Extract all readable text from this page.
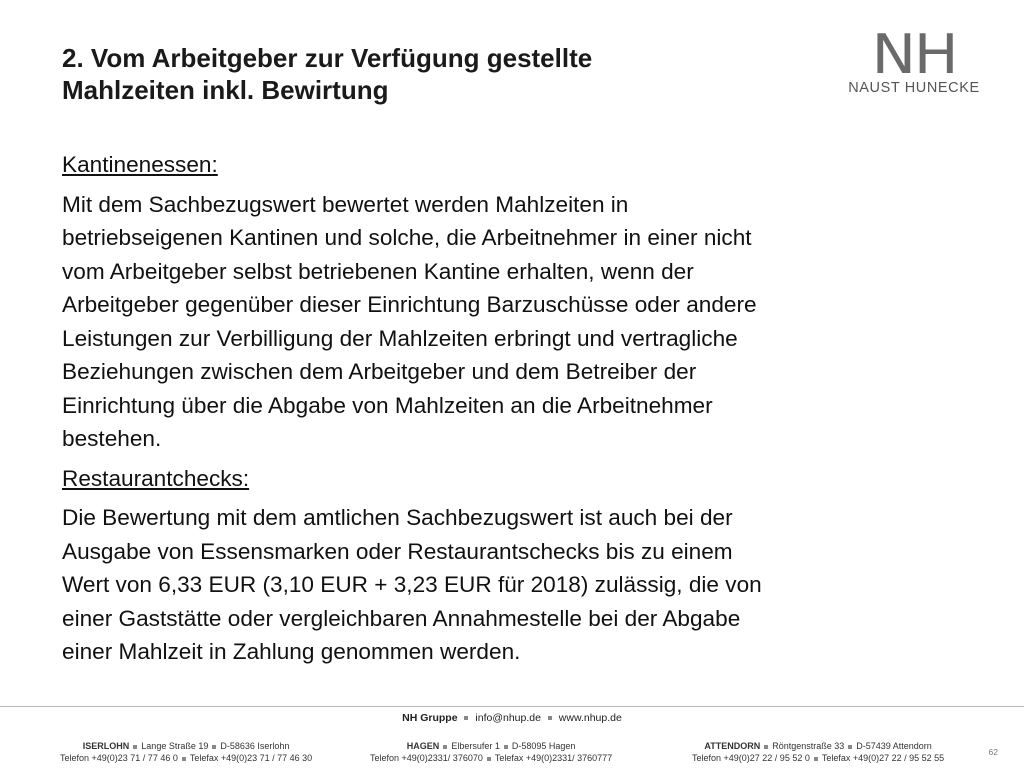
2. Vom Arbeitgeber zur Verfügung gestellte
Mahlzeiten inkl. Bewirtung
NH
NAUST HUNECKE
Kantinenessen:
Mit dem Sachbezugswert bewertet werden Mahlzeiten in
betriebseigenen Kantinen und solche, die Arbeitnehmer in einer nicht
vom Arbeitgeber selbst betriebenen Kantine erhalten, wenn der
Arbeitgeber gegenüber dieser Einrichtung Barzuschüsse oder andere
Leistungen zur Verbilligung der Mahlzeiten erbringt und vertragliche
Beziehungen zwischen dem Arbeitgeber und dem Betreiber der
Einrichtung über die Abgabe von Mahlzeiten an die Arbeitnehmer
bestehen.
Restaurantchecks:
Die Bewertung mit dem amtlichen Sachbezugswert ist auch bei der
Ausgabe von Essensmarken oder Restaurantschecks bis zu einem
Wert von 6,33 EUR (3,10 EUR + 3,23 EUR für 2018) zulässig, die von
einer Gaststätte oder vergleichbaren Annahmestelle bei der Abgabe
einer Mahlzeit in Zahlung genommen werden.
NH Gruppe info@nhup.de www.nhup.de
ISERLOHN Lange Straße 19 D-58636 Iserlohn
Telefon +49(0)23 71 / 77 46 0 Telefax +49(0)23 71 / 77 46 30
HAGEN Elbersufer 1 D-58095 Hagen
Telefon +49(0)2331/ 376070 Telefax +49(0)2331/ 3760777
ATTENDORN Röntgenstraße 33 D-57439 Attendorn
Telefon +49(0)27 22 / 95 52 0 Telefax +49(0)27 22 / 95 52 55
62
